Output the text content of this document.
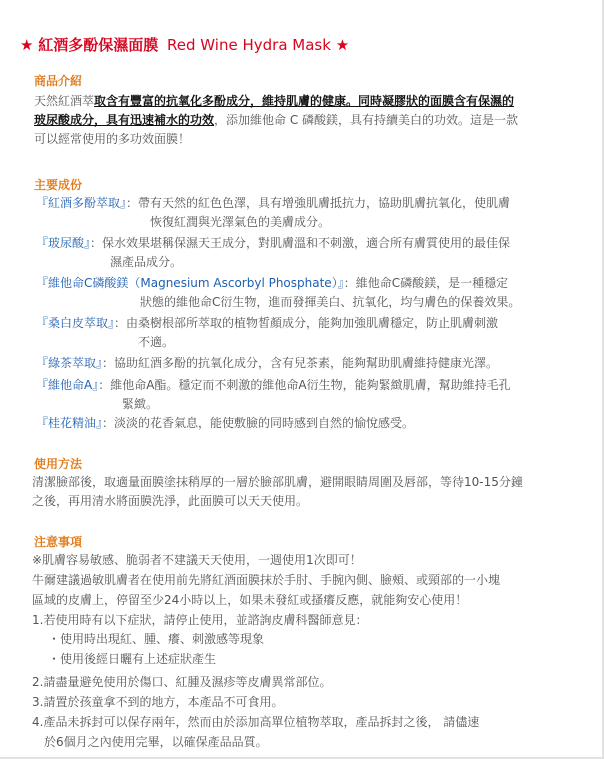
★ 紅酒多酚保濕面膜 Red Wine Hydra Mask ★
商品介紹
天然紅酒萃取含有豐富的抗氧化多酚成分，維持肌膚的健康。同時凝膠狀的面膜含有保濕的
玻尿酸成分，具有迅速補水的功效，添加維他命 C 磷酸鎂，具有持續美白的功效。這是一款
可以經常使用的多功效面膜！
主要成份
『紅酒多酚萃取』：帶有天然的紅色色澤，具有增強肌膚抵抗力，協助肌膚抗氧化，使肌膚
恢復紅潤與光澤氣色的美膚成分。
『玻尿酸』：保水效果堪稱保濕天王成分，對肌膚溫和不刺激，適合所有膚質使用的最佳保
濕產品成分。
『維他命C磷酸鎂（Magnesium Ascorbyl Phosphate）』：維他命C磷酸鎂，是一種穩定
狀態的維他命C衍生物，進而發揮美白、抗氧化，均勻膚色的保養效果。
『桑白皮萃取』：由桑樹根部所萃取的植物皙顏成分，能夠加強肌膚穩定，防止肌膚刺激
不適。
『綠茶萃取』：協助紅酒多酚的抗氧化成分，含有兒茶素，能夠幫助肌膚維持健康光澤。
『維他命A』：維他命A酯。穩定而不刺激的維他命A衍生物，能夠緊緻肌膚，幫助維持毛孔
緊緻。
『桂花精油』：淡淡的花香氣息，能使敷臉的同時感到自然的愉悅感受。
使用方法
清潔臉部後，取適量面膜塗抹稍厚的一層於臉部肌膚，避開眼睛周圍及唇部，等待10-15分鐘
之後，再用清水將面膜洗淨，此面膜可以天天使用。
注意事項
※肌膚容易敏感、脆弱者不建議天天使用，一週使用1次即可！
牛爾建議過敏肌膚者在使用前先將紅酒面膜抹於手肘、手腕內側、臉頰、或頸部的一小塊
區域的皮膚上，停留至少24小時以上，如果未發紅或搔癢反應，就能夠安心使用！
1.若使用時有以下症狀，請停止使用，並諮詢皮膚科醫師意見：
・使用時出現紅、腫、癢、刺激感等現象
・使用後經日曬有上述症狀產生
2.請盡量避免使用於傷口、紅腫及濕疹等皮膚異常部位。
3.請置於孩童拿不到的地方，本產品不可食用。
4.產品未拆封可以保存兩年，然而由於添加高單位植物萃取，產品拆封之後， 請儘速
於6個月之內使用完畢，以確保產品品質。
